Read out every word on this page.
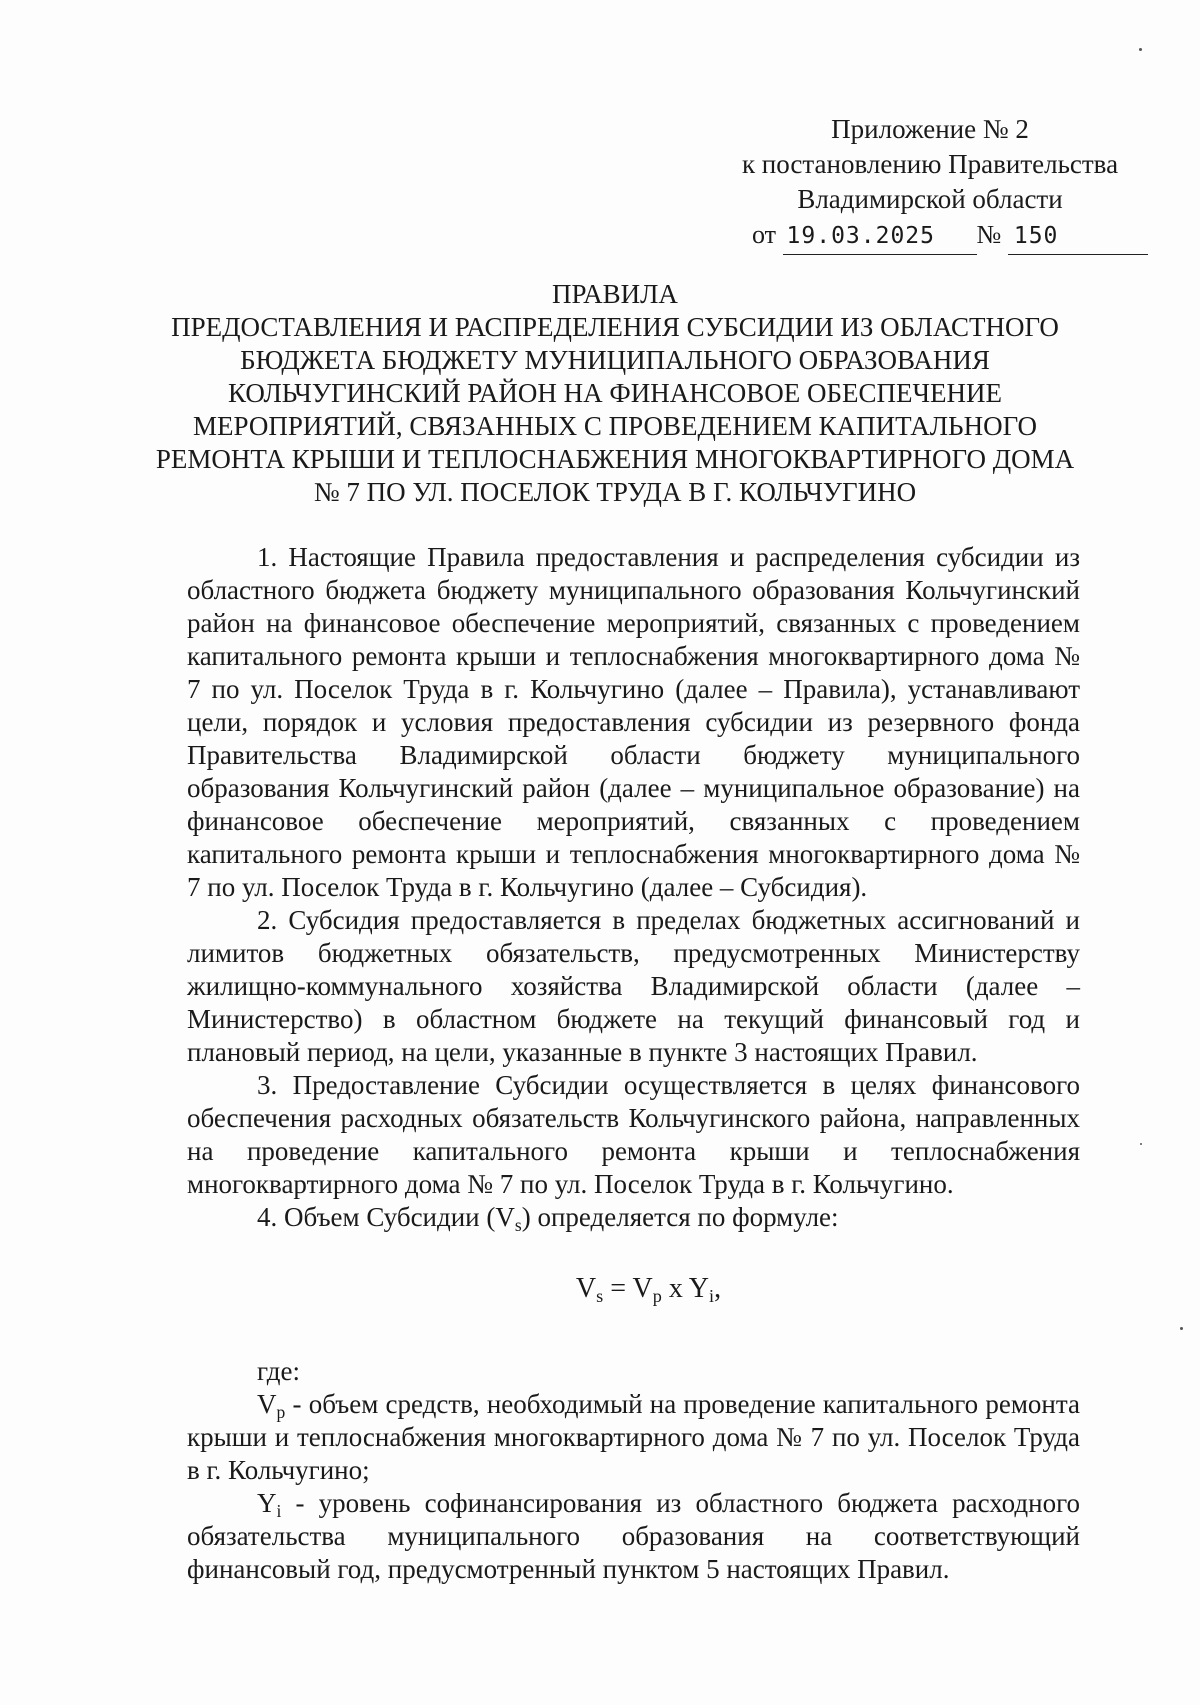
Приложение № 2
к постановлению Правительства
Владимирской области
от 19.03.2025 № 150
ПРАВИЛА
ПРЕДОСТАВЛЕНИЯ И РАСПРЕДЕЛЕНИЯ СУБСИДИИ ИЗ ОБЛАСТНОГО
БЮДЖЕТА БЮДЖЕТУ МУНИЦИПАЛЬНОГО ОБРАЗОВАНИЯ
КОЛЬЧУГИНСКИЙ РАЙОН НА ФИНАНСОВОЕ ОБЕСПЕЧЕНИЕ
МЕРОПРИЯТИЙ, СВЯЗАННЫХ С ПРОВЕДЕНИЕМ КАПИТАЛЬНОГО
РЕМОНТА КРЫШИ И ТЕПЛОСНАБЖЕНИЯ МНОГОКВАРТИРНОГО ДОМА
№ 7 ПО УЛ. ПОСЕЛОК ТРУДА В Г. КОЛЬЧУГИНО

1. Настоящие Правила предоставления и распределения субсидии из областного бюджета бюджету муниципального образования Кольчугинский район на финансовое обеспечение мероприятий, связанных с проведением капитального ремонта крыши и теплоснабжения многоквартирного дома № 7 по ул. Поселок Труда в г. Кольчугино (далее – Правила), устанавливают цели, порядок и условия предоставления субсидии из резервного фонда Правительства Владимирской области бюджету муниципального образования Кольчугинский район (далее – муниципальное образование) на финансовое обеспечение мероприятий, связанных с проведением капитального ремонта крыши и теплоснабжения многоквартирного дома № 7 по ул. Поселок Труда в г. Кольчугино (далее – Субсидия).

2. Субсидия предоставляется в пределах бюджетных ассигнований и лимитов бюджетных обязательств, предусмотренных Министерству жилищно-коммунального хозяйства Владимирской области (далее – Министерство) в областном бюджете на текущий финансовый год и плановый период, на цели, указанные в пункте 3 настоящих Правил.

3. Предоставление Субсидии осуществляется в целях финансового обеспечения расходных обязательств Кольчугинского района, направленных на проведение капитального ремонта крыши и теплоснабжения многоквартирного дома № 7 по ул. Поселок Труда в г. Кольчугино.

4. Объем Субсидии $(V_s)$ определяется по формуле:

$V_s = V_p$ x $Y_i$,

где:

$V_p$ - объем средств, необходимый на проведение капитального ремонта крыши и теплоснабжения многоквартирного дома № 7 по ул. Поселок Труда в г. Кольчугино;

$Y_i$ - уровень софинансирования из областного бюджета расходного обязательства муниципального образования на соответствующий финансовый год, предусмотренный пунктом 5 настоящих Правил.
